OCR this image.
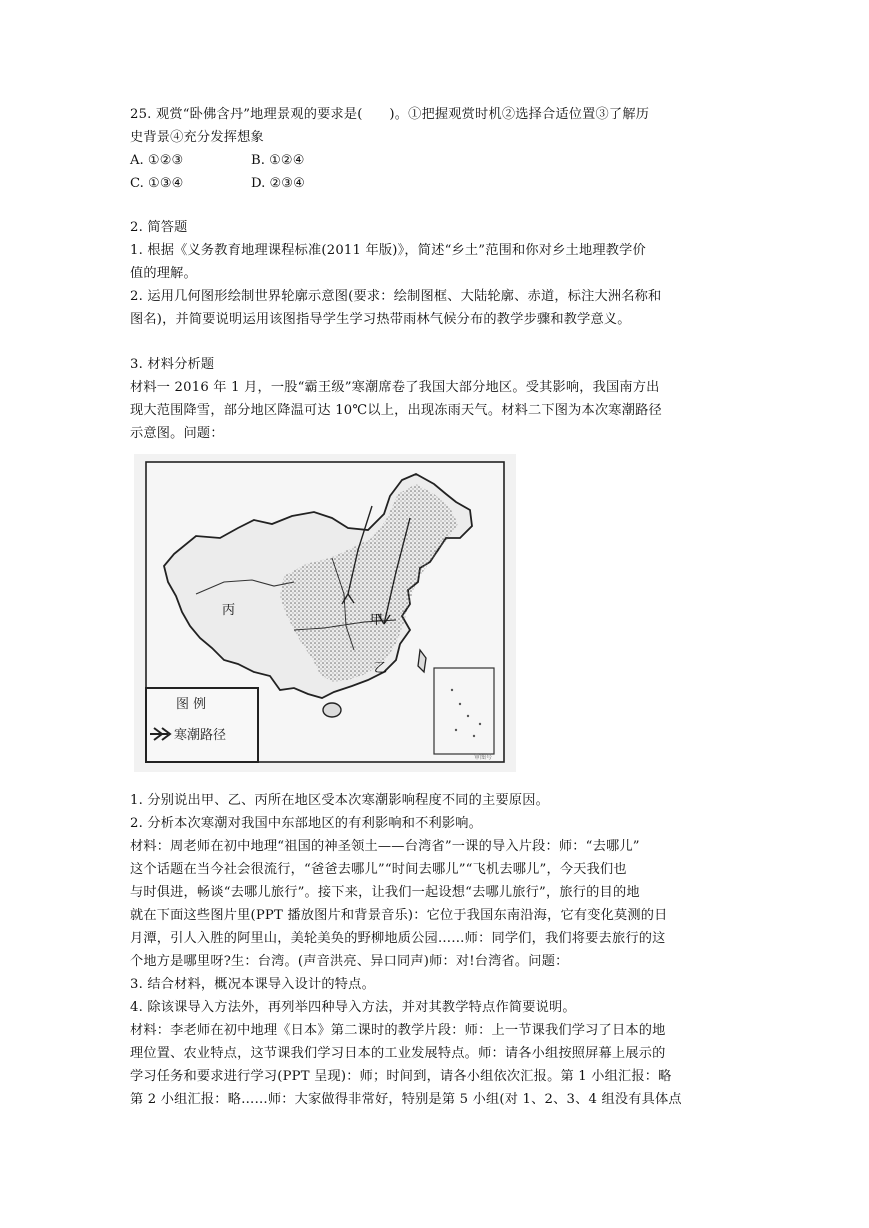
25. 观赏“卧佛含丹”地理景观的要求是(　　)。①把握观赏时机②选择合适位置③了解历
史背景④充分发挥想象
A. ①②③	B. ①②④
C. ①③④	D. ②③④
2. 简答题
1. 根据《义务教育地理课程标准(2011 年版)》，简述“乡土”范围和你对乡土地理教学价
值的理解。
2. 运用几何图形绘制世界轮廓示意图(要求：绘制图框、大陆轮廓、赤道，标注大洲名称和
图名)，并简要说明运用该图指导学生学习热带雨林气候分布的教学步骤和教学意义。
3. 材料分析题
材料一 2016 年 1 月，一股“霸王级”寒潮席卷了我国大部分地区。受其影响，我国南方出
现大范围降雪，部分地区降温可达 10℃以上，出现冻雨天气。材料二下图为本次寒潮路径
示意图。问题：
丙
甲
乙
图 例
寒潮路径
审图号
1. 分别说出甲、乙、丙所在地区受本次寒潮影响程度不同的主要原因。
2. 分析本次寒潮对我国中东部地区的有利影响和不利影响。
材料：周老师在初中地理“祖国的神圣领土——台湾省”一课的导入片段：师：“去哪儿”
这个话题在当今社会很流行，“爸爸去哪儿”“时间去哪儿”“飞机去哪儿”，今天我们也
与时俱进，畅谈“去哪儿旅行”。接下来，让我们一起设想“去哪儿旅行”，旅行的目的地
就在下面这些图片里(PPT 播放图片和背景音乐)：它位于我国东南沿海，它有变化莫测的日
月潭，引人入胜的阿里山，美轮美奂的野柳地质公园……师：同学们，我们将要去旅行的这
个地方是哪里呀?生：台湾。(声音洪亮、异口同声)师：对!台湾省。问题：
3. 结合材料，概况本课导入设计的特点。
4. 除该课导入方法外，再列举四种导入方法，并对其教学特点作简要说明。
材料：李老师在初中地理《日本》第二课时的教学片段：师：上一节课我们学习了日本的地
理位置、农业特点，这节课我们学习日本的工业发展特点。师：请各小组按照屏幕上展示的
学习任务和要求进行学习(PPT 呈现)：师；时间到，请各小组依次汇报。第 1 小组汇报：略
第 2 小组汇报：略……师：大家做得非常好，特别是第 5 小组(对 1、2、3、4 组没有具体点
